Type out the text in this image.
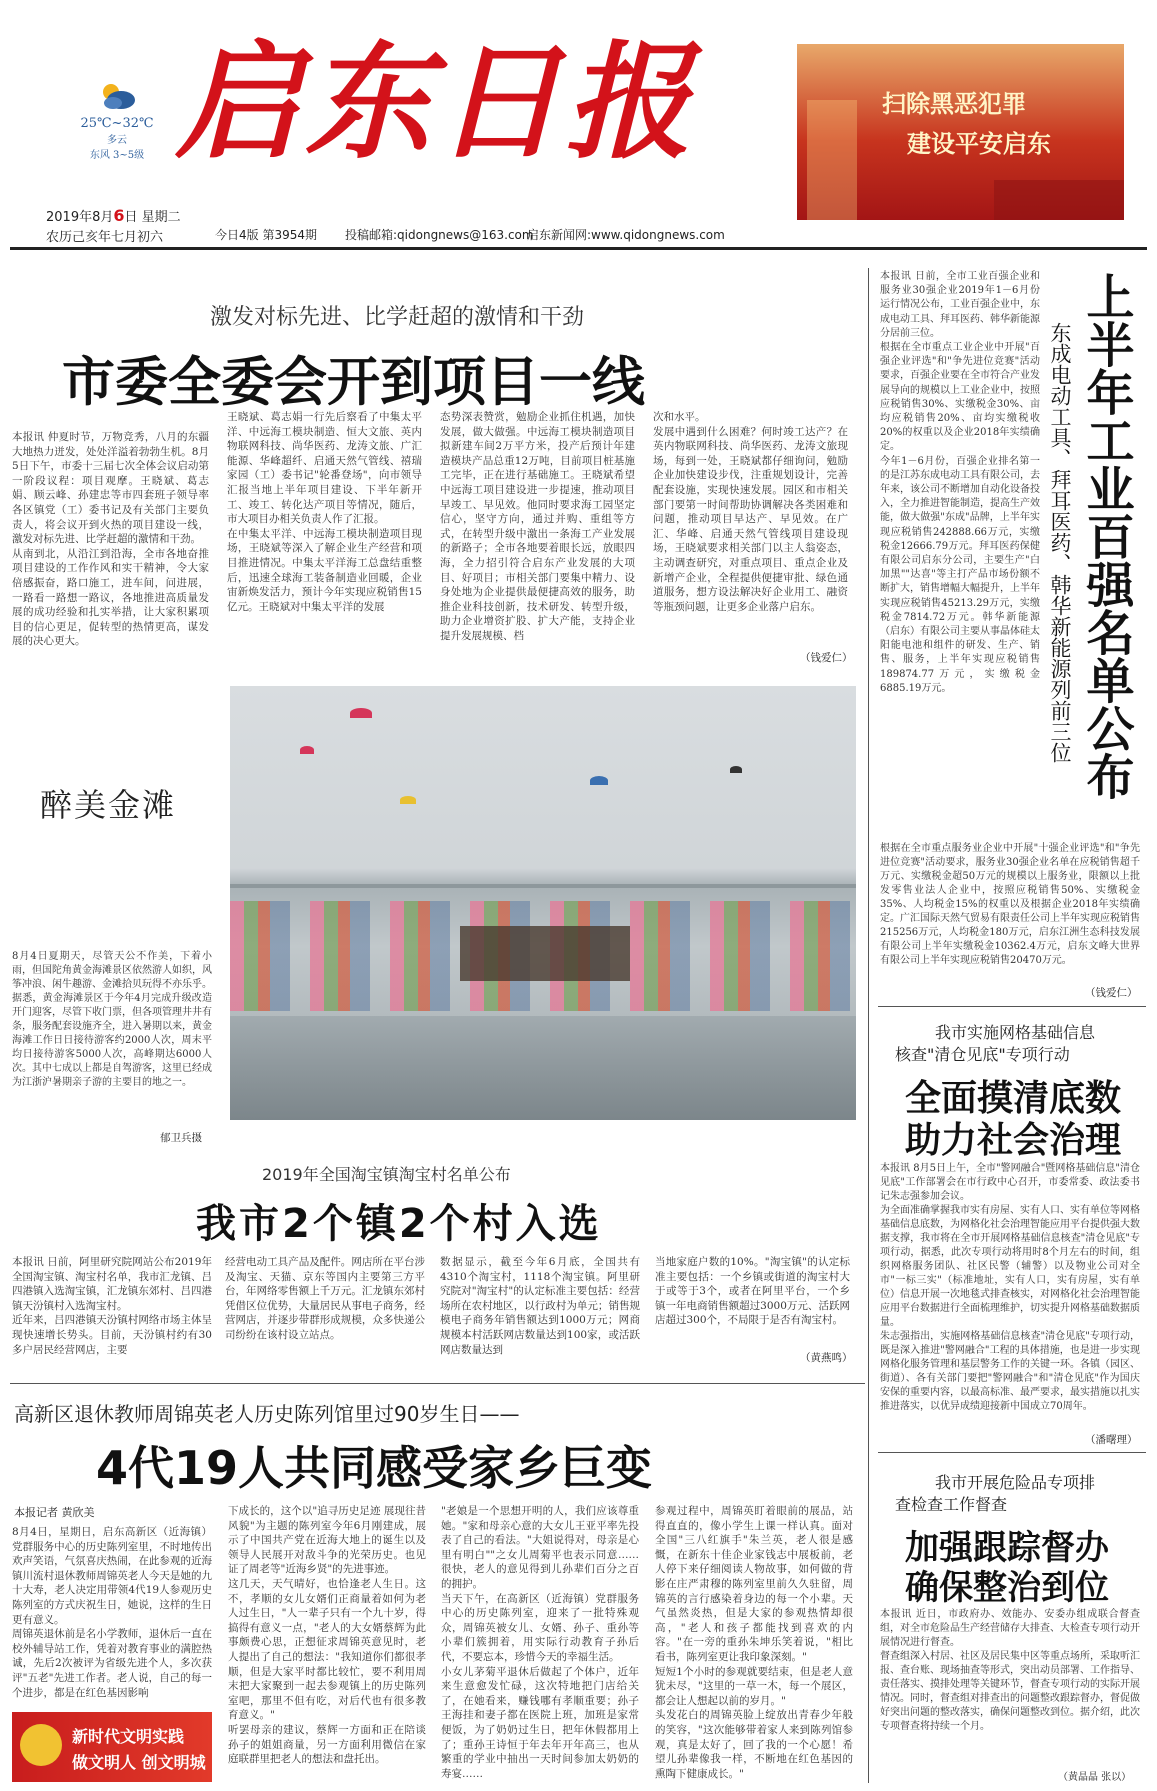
25℃~32℃
多云
东风 3~5级 启东日报	扫除黑恶犯罪
建设平安启东
2019年8月6日 星期二
农历己亥年七月初六	今日4版 第3954期 投稿邮箱:qidongnews@163.com
启东新闻网:www.qidongnews.com
激发对标先进、比学赶超的激情和干劲
市委全委会开到项目一线
本报讯 仲夏时节，万物竞秀，八月的东疆大地热力迸发，处处洋溢着勃勃生机。8月5日下午，市委十三届七次全体会议启动第一阶段议程：项目观摩。王晓斌、葛志娟、顾云峰、孙建忠等市四套班子领导率各区镇党（工）委书记及有关部门主要负责人，将会议开到火热的项目建设一线，激发对标先进、比学赶超的激情和干劲。
从南到北，从沿江到沿海，全市各地奋推项目建设的工作作风和实干精神，令大家倍感振奋，路口施工，进车间，问进展，一路看一路想一路议，各地推进高质量发展的成功经验和扎实举措，让大家积累项目的信心更足，促转型的热情更高，谋发展的决心更大。
王晓斌、葛志娟一行先后察看了中集太平洋、中远海工模块制造、恒大文旅、英内物联网科技、尚华医药、龙涛文旅、广汇能源、华峰超纤、启通天然气管线、禧瑞家园（工）委书记"轮番登场"，向市领导汇报当地上半年项目建设、下半年新开工、竣工、转化达产项目等情况，随后，市大项目办相关负责人作了汇报。
在中集太平洋、中远海工模块制造项目现场，王晓斌等深入了解企业生产经营和项目推进情况。中集太平洋海工总盘结重整后，迅速全球海工装备制造业回暖，企业宙新焕发活力，预计今年实现应税销售15亿元。王晓斌对中集太平洋的发展
态势深表赞赏，勉励企业抓住机遇，加快发展，做大做强。中远海工模块制造项目拟新建车间2万平方米，投产后预计年建造模块产品总重12万吨，目前项目桩基施工完毕，正在进行基础施工。王晓斌希望中远海工项目建设进一步提速，推动项目早竣工、早见效。他同时要求海工园坚定信心，坚守方向，通过并购、重组等方式，在转型升级中激出一条海工产业发展的新路子；全市各地要着眼长远，放眼四海，全力招引符合启东产业发展的大项目、好项目；市相关部门要集中精力、设身处地为企业提供最便捷高效的服务，助推企业科技创新，技术研发、转型升级，助力企业增资扩股、扩大产能，支持企业提升发展规模、档
次和水平。
发展中遇到什么困难？何时竣工达产？在英内物联网科技、尚华医药、龙涛文旅现场，每到一处，王晓斌都仔细询问，勉励企业加快建设步伐，注重规划设计，完善配套设施，实现快速发展。园区和市相关部门要第一时间帮助协调解决各类困难和问题，推动项目早达产、早见效。在广汇、华峰、启通天然气管线项目建设现场，王晓斌要求相关部门以主人翁姿态，主动调查研究，对重点项目、重点企业及新增产企业，全程提供便捷审批、绿色通道服务，想方设法解决好企业用工、融资等瓶颈问题，让更多企业落户启东。
（钱爱仁）
醉美金滩
8月4日夏期天，尽管天公不作美，下着小雨，但国陀角黄金海滩景区依然游人如织，风筝冲浪、闲牛趣游、金滩拾贝玩得不亦乐乎。
据悉，黄金海滩景区于今年4月完成升级改造开门迎客，尽管下收门票，但各项管理井井有条，服务配套设施齐全，进入暑期以来，黄金海滩工作日日接待游客约2000人次，周末平均日接待游客5000人次，高峰期达6000人次。其中七成以上都是自驾游客，这里已经成为江浙沪暑期亲子游的主要目的地之一。
郁卫兵摄
2019年全国淘宝镇淘宝村名单公布
我市2个镇2个村入选
本报讯 日前，阿里研究院网站公布2019年全国淘宝镇、淘宝村名单，我市汇龙镇、吕四港镇入选淘宝镇，汇龙镇东郊村、吕四港镇天汾镇村入选淘宝村。
近年来，吕四港镇天汾镇村网络市场主体呈现快速增长势头。目前，天汾镇村约有30多户居民经营网店，主要
经营电动工具产品及配件。网店所在平台涉及淘宝、天猫、京东等国内主要第三方平台，年网络零售额上千万元。汇龙镇东郊村凭借区位优势，大量居民从事电子商务，经营网店，并逐步带群形成规模，众多快递公司纷纷在该村设立站点。
数据显示，截至今年6月底，全国共有4310个淘宝村，1118个淘宝镇。阿里研究院对"淘宝村"的认定标准主要包括：经营场所在农村地区，以行政村为单元；销售规模电子商务年销售额达到1000万元；网商规模本村活跃网店数量达到100家，或活跃网店数量达到
当地家庭户数的10%。"淘宝镇"的认定标准主要包括：一个乡镇或街道的淘宝村大于或等于3个，或者在阿里平台，一个乡镇一年电商销售额超过3000万元、活跃网店超过300个，不局限于是否有淘宝村。
（黄燕鸣）
高新区退休教师周锦英老人历史陈列馆里过90岁生日——
4代19人共同感受家乡巨变
本报记者 黄欣美
8月4日，星期日，启东高新区（近海镇）党群服务中心的历史陈列室里，不时地传出欢声笑语，气氛喜庆热闹，在此参观的近海镇川流村退休教师周锦英老人今天是她的九十大寿，老人决定用带领4代19人参观历史陈列室的方式庆祝生日，她说，这样的生日更有意义。
周锦英退休前是名小学教师，退休后一直在校外辅导站工作，凭着对教育事业的满腔热诚，先后2次被评为省级先进个人，多次获评"五老"先进工作者。老人说，自己的每一个进步，都是在红色基因影响
下成长的，这个以"追寻历史足迹 展现往昔风貌"为主题的陈列室今年6月刚建成，展示了中国共产党在近海大地上的诞生以及领导人民展开对敌斗争的光荣历史。也见证了周老等"近海乡贤"的先进事迹。
这几天，天气晴好，也恰逢老人生日。这不，孝顺的女儿女婿们正商量着如何为老人过生日，"人一辈子只有一个九十岁，得搞得有意义一点，"老人的大女婿蔡辉为此事颇费心思，正想征求周锦英意见时，老人提出了自己的想法："我知道你们都很孝顺，但是大家平时都比较忙，要不利用周末把大家聚到一起去参观镇上的历史陈列室吧，那里不但有吃，对后代也有很多教育意义。"
听罢母亲的建议，蔡辉一方面和正在陪谈孙子的姐姐商量，另一方面利用微信在家庭联群里把老人的想法和盘托出。
"老娘是一个思想开明的人，我们应该尊重她。"家和母亲心意的大女儿王亚平率先投表了自己的看法。"大姐说得对，母亲是心里有明白""之女儿周菊平也表示同意……很快，老人的意见得到儿孙辈们百分之百的拥护。
当天下午，在高新区（近海镇）党群服务中心的历史陈列室，迎来了一批特殊观众，周锦英被女儿、女婿、孙子、重孙等小辈们簇拥着，用实际行动教育子孙后代，不要忘本，珍惜今天的幸福生活。
小女儿茅菊平退休后做起了个体户，近年来生意愈发忙碌，这次特地把门店给关了，在她看来，赚钱哪有孝顺重要；孙子王海挂和妻子都在医院上班，加班是家常便饭，为了奶奶过生日，把年休假都用上了；重孙王诗恒于年去年开年高三，也从繁重的学业中抽出一天时间参加太奶奶的寿宴……
参观过程中，周锦英盯着眼前的展品，站得直直的，像小学生上课一样认真。面对全国"三八红旗手"朱兰英，老人很是感慨，在新东十佳企业家钱志中展板前，老人停下来仔细阅读人物故事，如何做的背影在庄严肃穆的陈列室里前久久驻留，周锦英的言行感染着身边的每一个小辈。天气虽然炎热，但是大家的参观热情却很高，"老人和孩子都能找到喜欢的内容。"在一旁的重孙朱坤乐笑着说，"相比看书，陈列室更让我印象深刻。"
短短1个小时的参观就要结束，但是老人意犹未尽，"这里的一草一木，每一个展区，都会让人想起以前的岁月。"
头发花白的周锦英脸上绽放出青春少年般的笑容，"这次能够带着家人来到陈列馆参观，真是太好了，回了我的一个心愿！希望儿孙辈像我一样，不断地在红色基因的熏陶下健康成长。"
新时代文明实践
做文明人 创文明城
本报讯 日前，全市工业百强企业和服务业30强企业2019年1－6月份运行情况公布，工业百强企业中，东成电动工具、拜耳医药、韩华新能源分居前三位。
根据在全市重点工业企业中开展"百强企业评选"和"争先进位竞赛"活动要求，百强企业要在全市符合产业发展导向的规模以上工业企业中，按照应税销售30%、实缴税金30%、亩均应税销售20%、亩均实缴税收20%的权重以及企业2018年实绩确定。
今年1－6月份，百强企业排名第一的是江苏东成电动工具有限公司，去年来，该公司不断增加自动化设备投入，全力推进智能制造，提高生产效能，做大做强"东成"品牌，上半年实现应税销售242888.66万元，实缴税金12666.79万元。拜耳医药保健有限公司启东分公司，主要生产"白加黑""达喜"等主打产品市场份额不断扩大，销售增幅大幅提升，上半年实现应税销售45213.29万元，实缴税金7814.72万元。韩华新能源（启东）有限公司主要从事晶体硅太阳能电池和组件的研发、生产、销售、服务，上半年实现应税销售189874.77万元，实缴税金6885.19万元。	上半年工业百强名单公布
东成电动工具、拜耳医药、韩华新能源列前三位
根据在全市重点服务业企业中开展"十强企业评选"和"争先进位竞赛"活动要求，服务业30强企业名单在应税销售超千万元、实缴税金超50万元的规模以上服务业，限额以上批发零售业法人企业中，按照应税销售50%、实缴税金35%、人均税金15%的权重以及根据企业2018年实绩确定。广汇国际天然气贸易有限责任公司上半年实现应税销售215256万元，人均税金180万元，启东江洲生态科技发展有限公司上半年实缴税金10362.4万元，启东文峰大世界有限公司上半年实现应税销售20470万元。
（钱爱仁）
我市实施网格基础信息
核查"清仓见底"专项行动
全面摸清底数
助力社会治理
本报讯 8月5日上午，全市"警网融合"暨网格基础信息"清仓见底"工作部署会在市行政中心召开，市委常委、政法委书记朱志强参加会议。
为全面准确掌握我市实有房屋、实有人口、实有单位等网格基础信息底数，为网格化社会治理智能应用平台提供强大数据支撑，我市将在全市开展网格基础信息核查"清仓见底"专项行动，据悉，此次专项行动将用时8个月左右的时间，组织网格服务团队、社区民警（辅警）以及物业公司对全市"一标三实"（标准地址，实有人口，实有房屋，实有单位）信息开展一次地毯式排查核实，对网格化社会治理智能应用平台数据进行全面梳理维护，切实提升网格基础数据质量。
朱志强指出，实施网格基础信息核查"清仓见底"专项行动，既是深入推进"警网融合"工程的具体措施，也是进一步实现网格化服务管理和基层警务工作的关键一环。各镇（园区、街道）、各有关部门要把"警网融合"和"清仓见底"作为国庆安保的重要内容，以最高标准、最严要求，最实措施以扎实推进落实，以优异成绩迎接新中国成立70周年。
（潘曙理）
我市开展危险品专项排
查检查工作督查
加强跟踪督办
确保整治到位
本报讯 近日，市政府办、效能办、安委办组成联合督查组，对全市危险品生产经营储存大排查、大检查专项行动开展情况进行督查。
督查组深入村居、社区及居民集中区等重点场所，采取听汇报、查台账、现场抽查等形式，突出动员部署、工作指导、责任落实、摸排处理等关键环节，督查专项行动的实际开展情况。同时，督查组对排查出的问题整改跟踪督办，督促做好突出问题的整改落实，确保问题整改到位。据介绍，此次专项督查将持续一个月。
（黄晶晶 张以）
